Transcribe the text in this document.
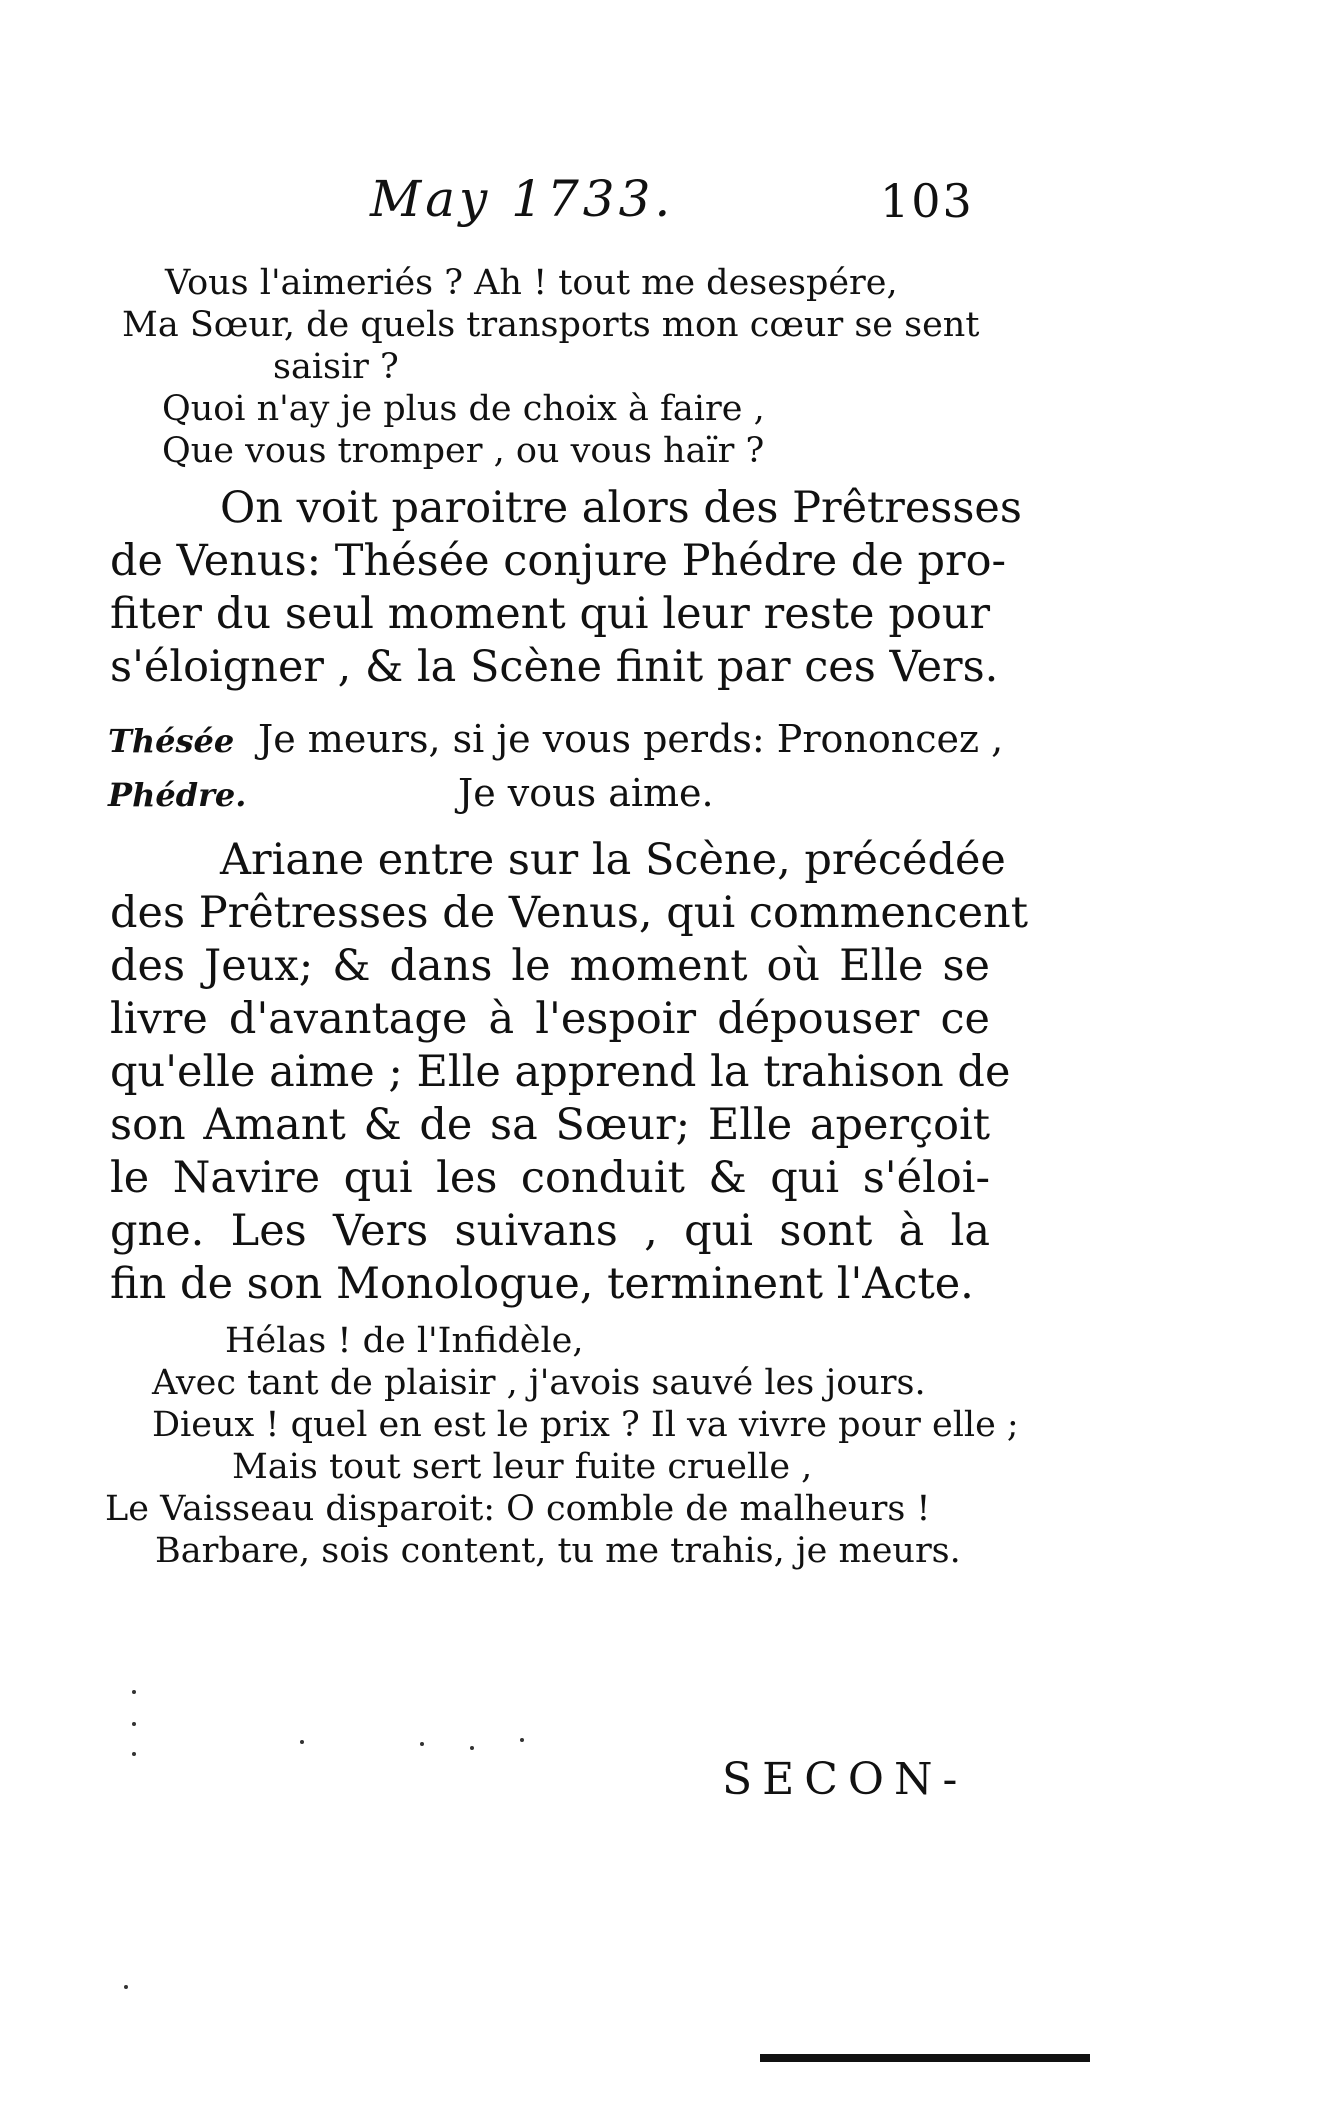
May 1733.	103
Vous l'aimeriés ? Ah ! tout me desespére,
Ma Sœur, de quels transports mon cœur se sent
saisir ?
Quoi n'ay je plus de choix à faire ,
Que vous tromper , ou vous haïr ?
On voit paroitre alors des Prêtresses
de Venus: Thésée conjure Phédre de pro-
fiter du seul moment qui leur reste pour
s'éloigner , & la Scène finit par ces Vers.
Thésée Je meurs, si je vous perds: Prononcez ,
Phédre.	Je vous aime.
Ariane entre sur la Scène, précédée
des Prêtresses de Venus, qui commencent
des Jeux; & dans le moment où Elle se
livre d'avantage à l'espoir dépouser ce
qu'elle aime ; Elle apprend la trahison de
son Amant & de sa Sœur; Elle aperçoit
le Navire qui les conduit & qui s'éloi-
gne. Les Vers suivans , qui sont à la
fin de son Monologue, terminent l'Acte.
Hélas ! de l'Infidèle,
Avec tant de plaisir , j'avois sauvé les jours.
Dieux ! quel en est le prix ? Il va vivre pour elle ;
Mais tout sert leur fuite cruelle ,
Le Vaisseau disparoit: O comble de malheurs !
Barbare, sois content, tu me trahis, je meurs.
SECON-
